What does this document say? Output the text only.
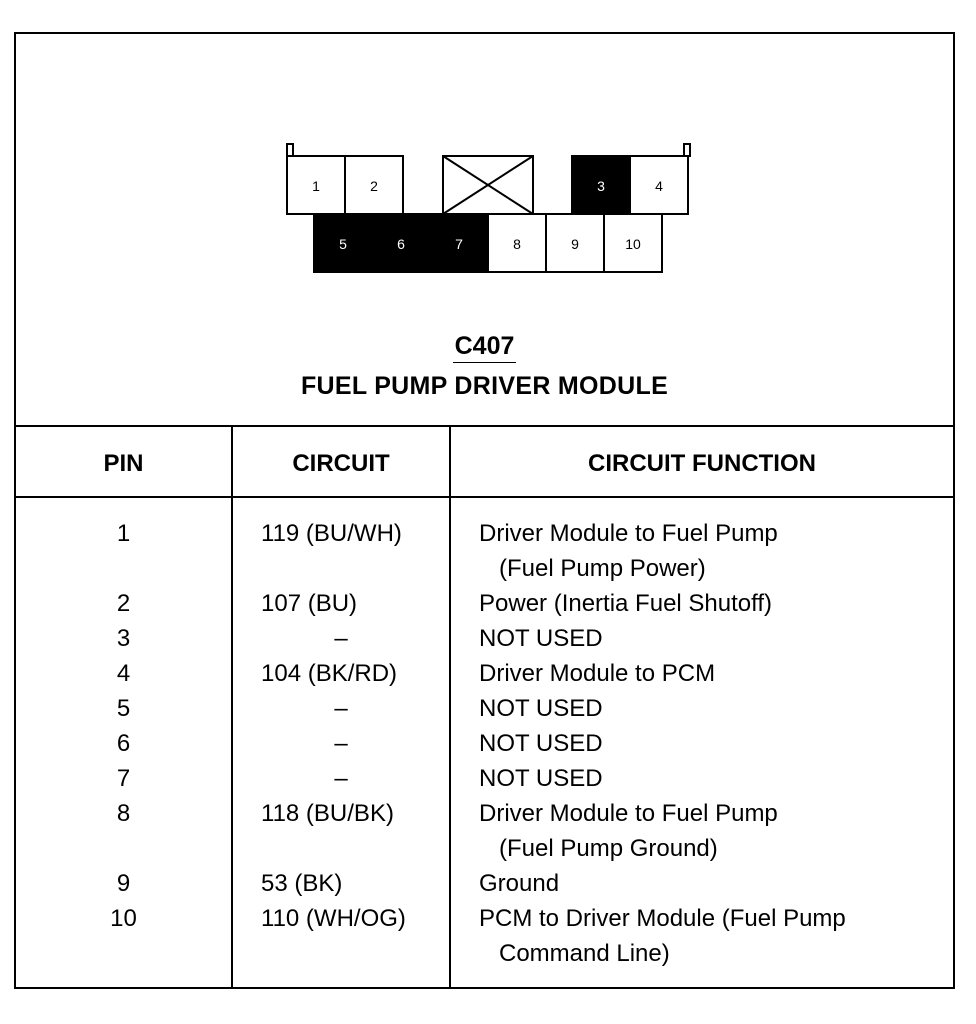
1	2	3	4
5	6	7	8	9	10
C407
FUEL PUMP DRIVER MODULE
PIN	CIRCUIT	CIRCUIT FUNCTION
1	119 (BU/WH)	Driver Module to Fuel Pump
(Fuel Pump Power)
2	107 (BU)	Power (Inertia Fuel Shutoff)
3	–	NOT USED
4	104 (BK/RD)	Driver Module to PCM
5	–	NOT USED
6	–	NOT USED
7	–	NOT USED
8	118 (BU/BK)	Driver Module to Fuel Pump
(Fuel Pump Ground)
9	53 (BK)	Ground
10	110 (WH/OG)	PCM to Driver Module (Fuel Pump
Command Line)
